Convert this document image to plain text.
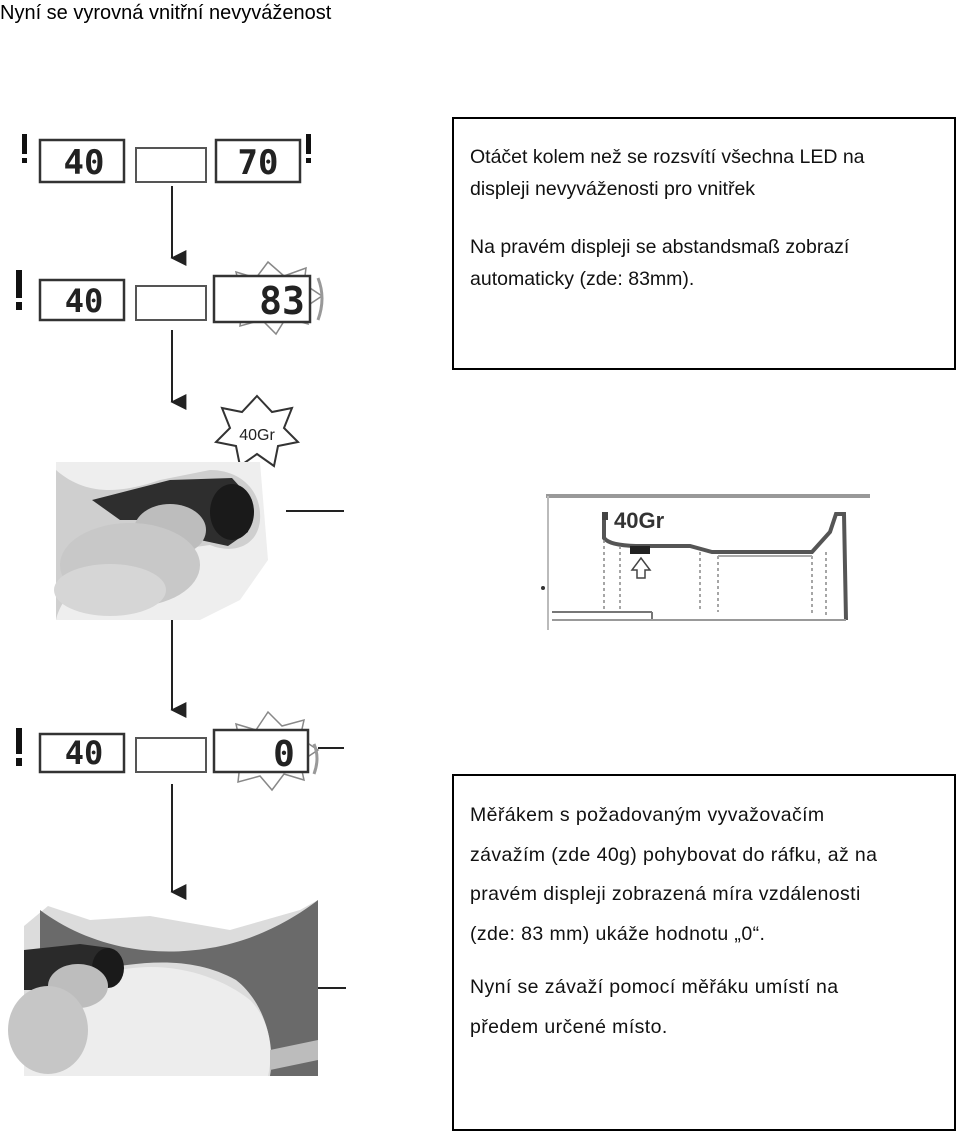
Nyní se vyrovná vnitřní nevyváženost

Otáčet kolem než se rozsvítí všechna LED na
displeji nevyváženosti pro vnitřek

Na pravém displeji se abstandsmaß zobrazí
automaticky (zde: 83mm).

Měřákem s požadovaným vyvažovačím
závažím (zde 40g) pohybovat do ráfku, až na
pravém displeji zobrazená míra vzdálenosti
(zde: 83 mm) ukáže hodnotu „0“.

Nyní se závaží pomocí měřáku umístí na
předem určené místo.

40	70
40	83
40Gr
40Gr
40	0
